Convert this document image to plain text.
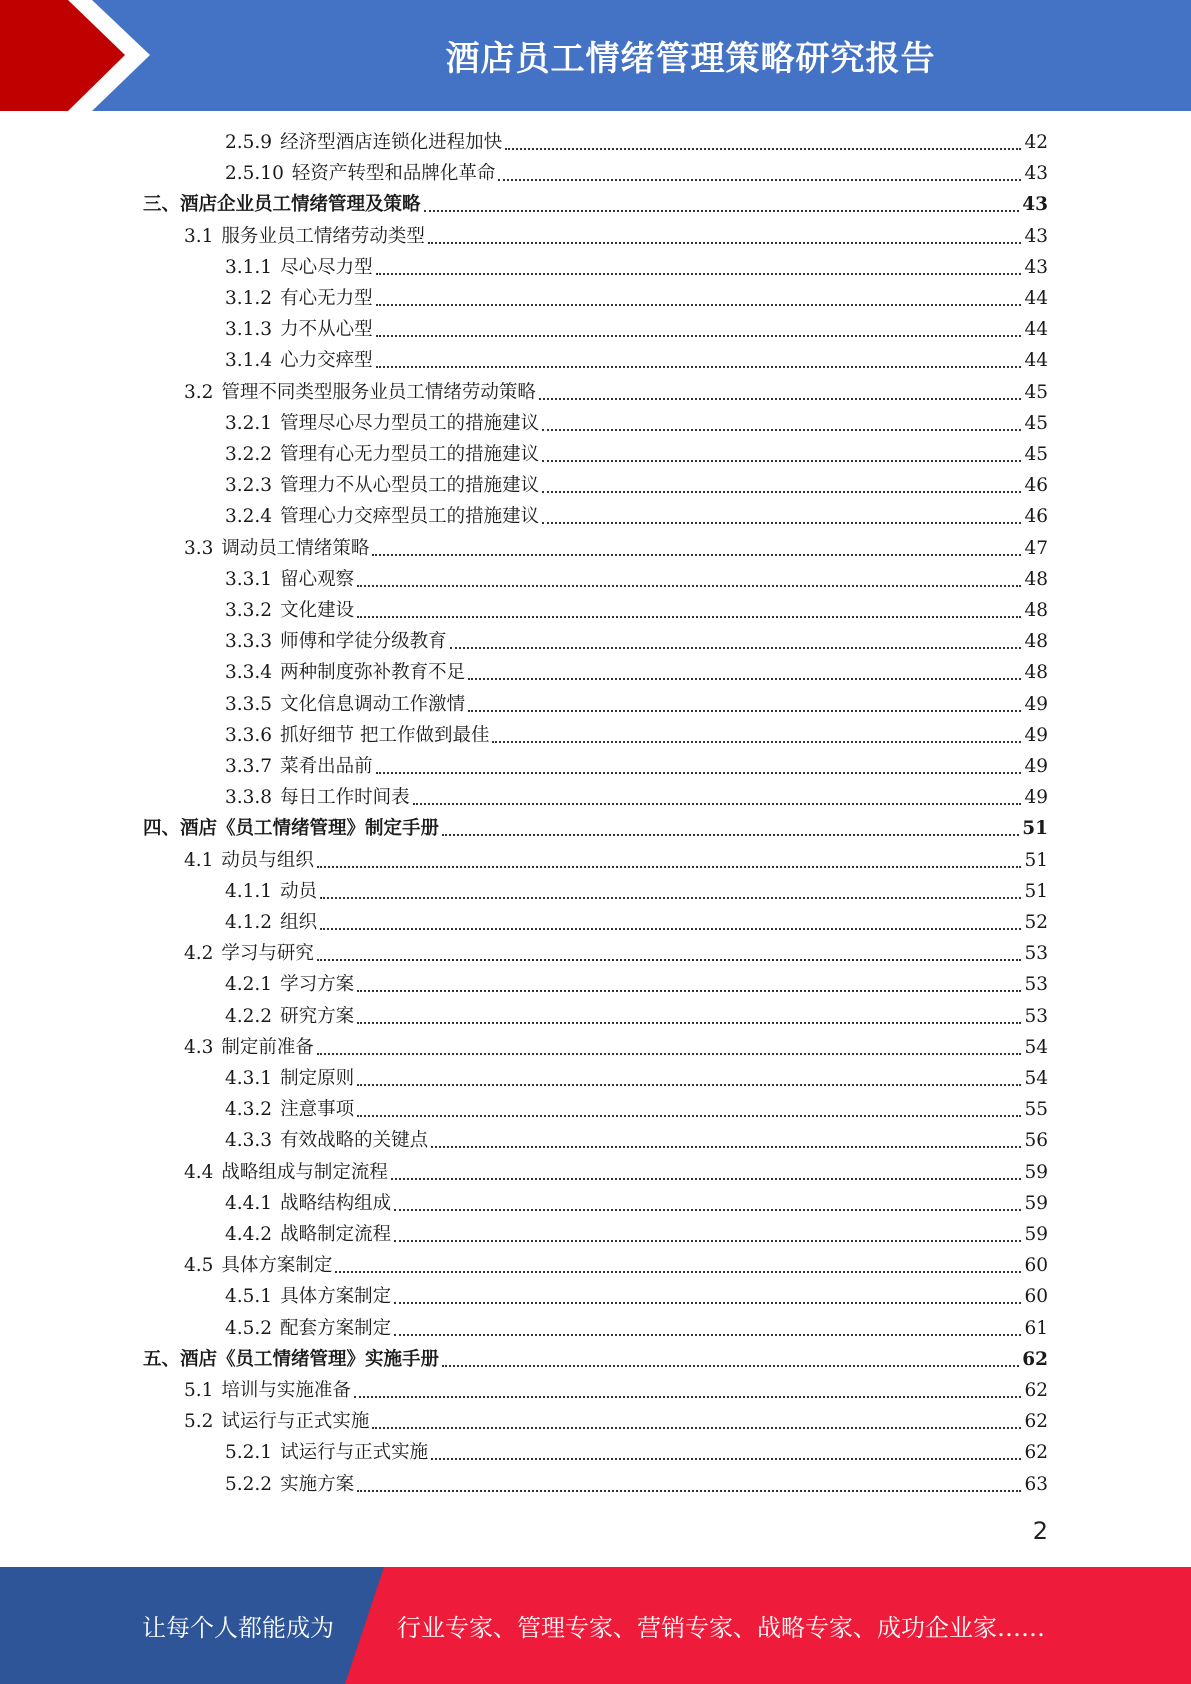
酒店员工情绪管理策略研究报告
2.5.9 经济型酒店连锁化进程加快	42
2.5.10 轻资产转型和品牌化革命	43
三、 酒店企业员工情绪管理及策略	43
3.1 服务业员工情绪劳动类型	43
3.1.1 尽心尽力型	43
3.1.2 有心无力型	44
3.1.3 力不从心型	44
3.1.4 心力交瘁型	44
3.2 管理不同类型服务业员工情绪劳动策略	45
3.2.1 管理尽心尽力型员工的措施建议	45
3.2.2 管理有心无力型员工的措施建议	45
3.2.3 管理力不从心型员工的措施建议	46
3.2.4 管理心力交瘁型员工的措施建议	46
3.3 调动员工情绪策略	47
3.3.1 留心观察	48
3.3.2 文化建设	48
3.3.3 师傅和学徒分级教育	48
3.3.4 两种制度弥补教育不足	48
3.3.5 文化信息调动工作激情	49
3.3.6 抓好细节 把工作做到最佳	49
3.3.7 菜肴出品前	49
3.3.8 每日工作时间表	49
四、 酒店《员工情绪管理》制定手册	51
4.1 动员与组织	51
4.1.1 动员	51
4.1.2 组织	52
4.2 学习与研究	53
4.2.1 学习方案	53
4.2.2 研究方案	53
4.3 制定前准备	54
4.3.1 制定原则	54
4.3.2 注意事项	55
4.3.3 有效战略的关键点	56
4.4 战略组成与制定流程	59
4.4.1 战略结构组成	59
4.4.2 战略制定流程	59
4.5 具体方案制定	60
4.5.1 具体方案制定	60
4.5.2 配套方案制定	61
五、 酒店《员工情绪管理》实施手册	62
5.1 培训与实施准备	62
5.2 试运行与正式实施	62
5.2.1 试运行与正式实施	62
5.2.2 实施方案	63
2
让每个人都能成为	行业专家、管理专家、营销专家、战略专家、成功企业家……
